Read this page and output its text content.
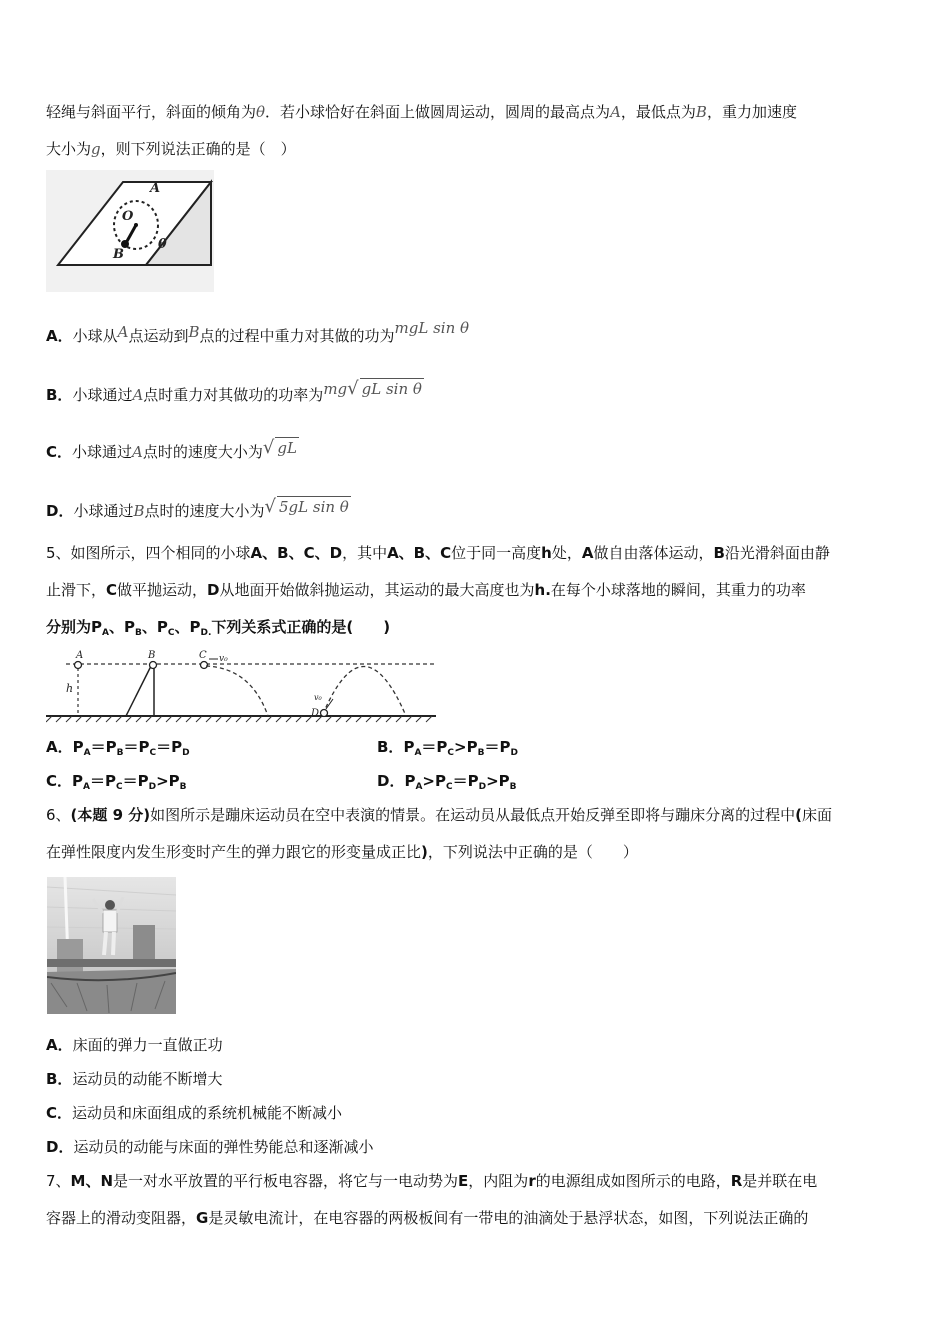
轻绳与斜面平行，斜面的倾角为θ．若小球恰好在斜面上做圆周运动，圆周的最高点为A，最低点为B，重力加速度
大小为g，则下列说法正确的是（　）
A
O
B
θ
A．小球从A点运动到B点的过程中重力对其做的功为mgL sin θ
B．小球通过A点时重力对其做功的功率为mg√ gL sin θ
C．小球通过A点时的速度大小为√ gL
D．小球通过B点时的速度大小为√ 5gL sin θ
5、如图所示，四个相同的小球A、B、C、D，其中A、B、C位于同一高度h处，A做自由落体运动，B沿光滑斜面由静
止滑下，C做平抛运动，D从地面开始做斜抛运动，其运动的最大高度也为h.在每个小球落地的瞬间，其重力的功率
分别为$P_A$、$P_B$、$P_C$、$P_{D.}$下列关系式正确的是(　　)
A	B	C v₀
h
D
v₀
A．$P_A=P_B=P_C=P_D$	B．$P_A=P_C>P_B=P_D$
C．$P_A=P_C=P_D>P_B$	D．$P_A>P_C=P_D>P_B$
6、(本题 9 分)如图所示是蹦床运动员在空中表演的情景。在运动员从最低点开始反弹至即将与蹦床分离的过程中(床面
在弹性限度内发生形变时产生的弹力跟它的形变量成正比)，下列说法中正确的是（　　）
A．床面的弹力一直做正功
B．运动员的动能不断增大
C．运动员和床面组成的系统机械能不断减小
D．运动员的动能与床面的弹性势能总和逐渐减小
7、M、N是一对水平放置的平行板电容器，将它与一电动势为E，内阻为r的电源组成如图所示的电路，R是并联在电
容器上的滑动变阻器，G是灵敏电流计，在电容器的两极板间有一带电的油滴处于悬浮状态，如图，下列说法正确的
